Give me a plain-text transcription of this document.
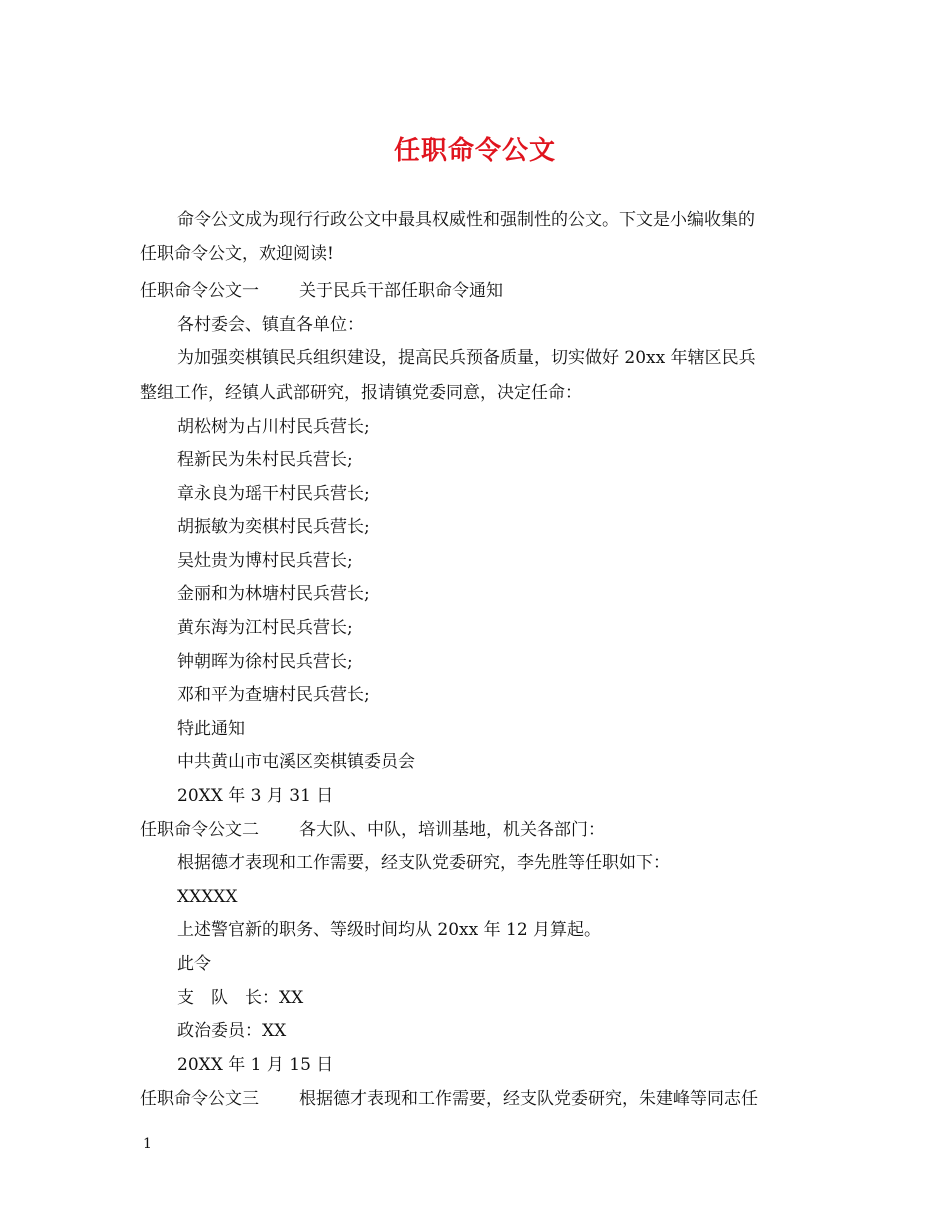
任职命令公文
命令公文成为现行行政公文中最具权威性和强制性的公文。下文是小编收集的
任职命令公文，欢迎阅读!
任职命令公文一 关于民兵干部任职命令通知
各村委会、镇直各单位：
为加强奕棋镇民兵组织建设，提高民兵预备质量，切实做好 20xx 年辖区民兵
整组工作，经镇人武部研究，报请镇党委同意，决定任命：
胡松树为占川村民兵营长;
程新民为朱村民兵营长;
章永良为瑶干村民兵营长;
胡振敏为奕棋村民兵营长;
吴灶贵为博村民兵营长;
金丽和为林塘村民兵营长;
黄东海为江村民兵营长;
钟朝晖为徐村民兵营长;
邓和平为查塘村民兵营长;
特此通知
中共黄山市屯溪区奕棋镇委员会
20XX 年 3 月 31 日
任职命令公文二 各大队、中队，培训基地，机关各部门：
根据德才表现和工作需要，经支队党委研究，李先胜等任职如下：
XXXXX
上述警官新的职务、等级时间均从 20xx 年 12 月算起。
此令
支　队　长：XX
政治委员：XX
20XX 年 1 月 15 日
任职命令公文三 根据德才表现和工作需要，经支队党委研究，朱建峰等同志任
1
